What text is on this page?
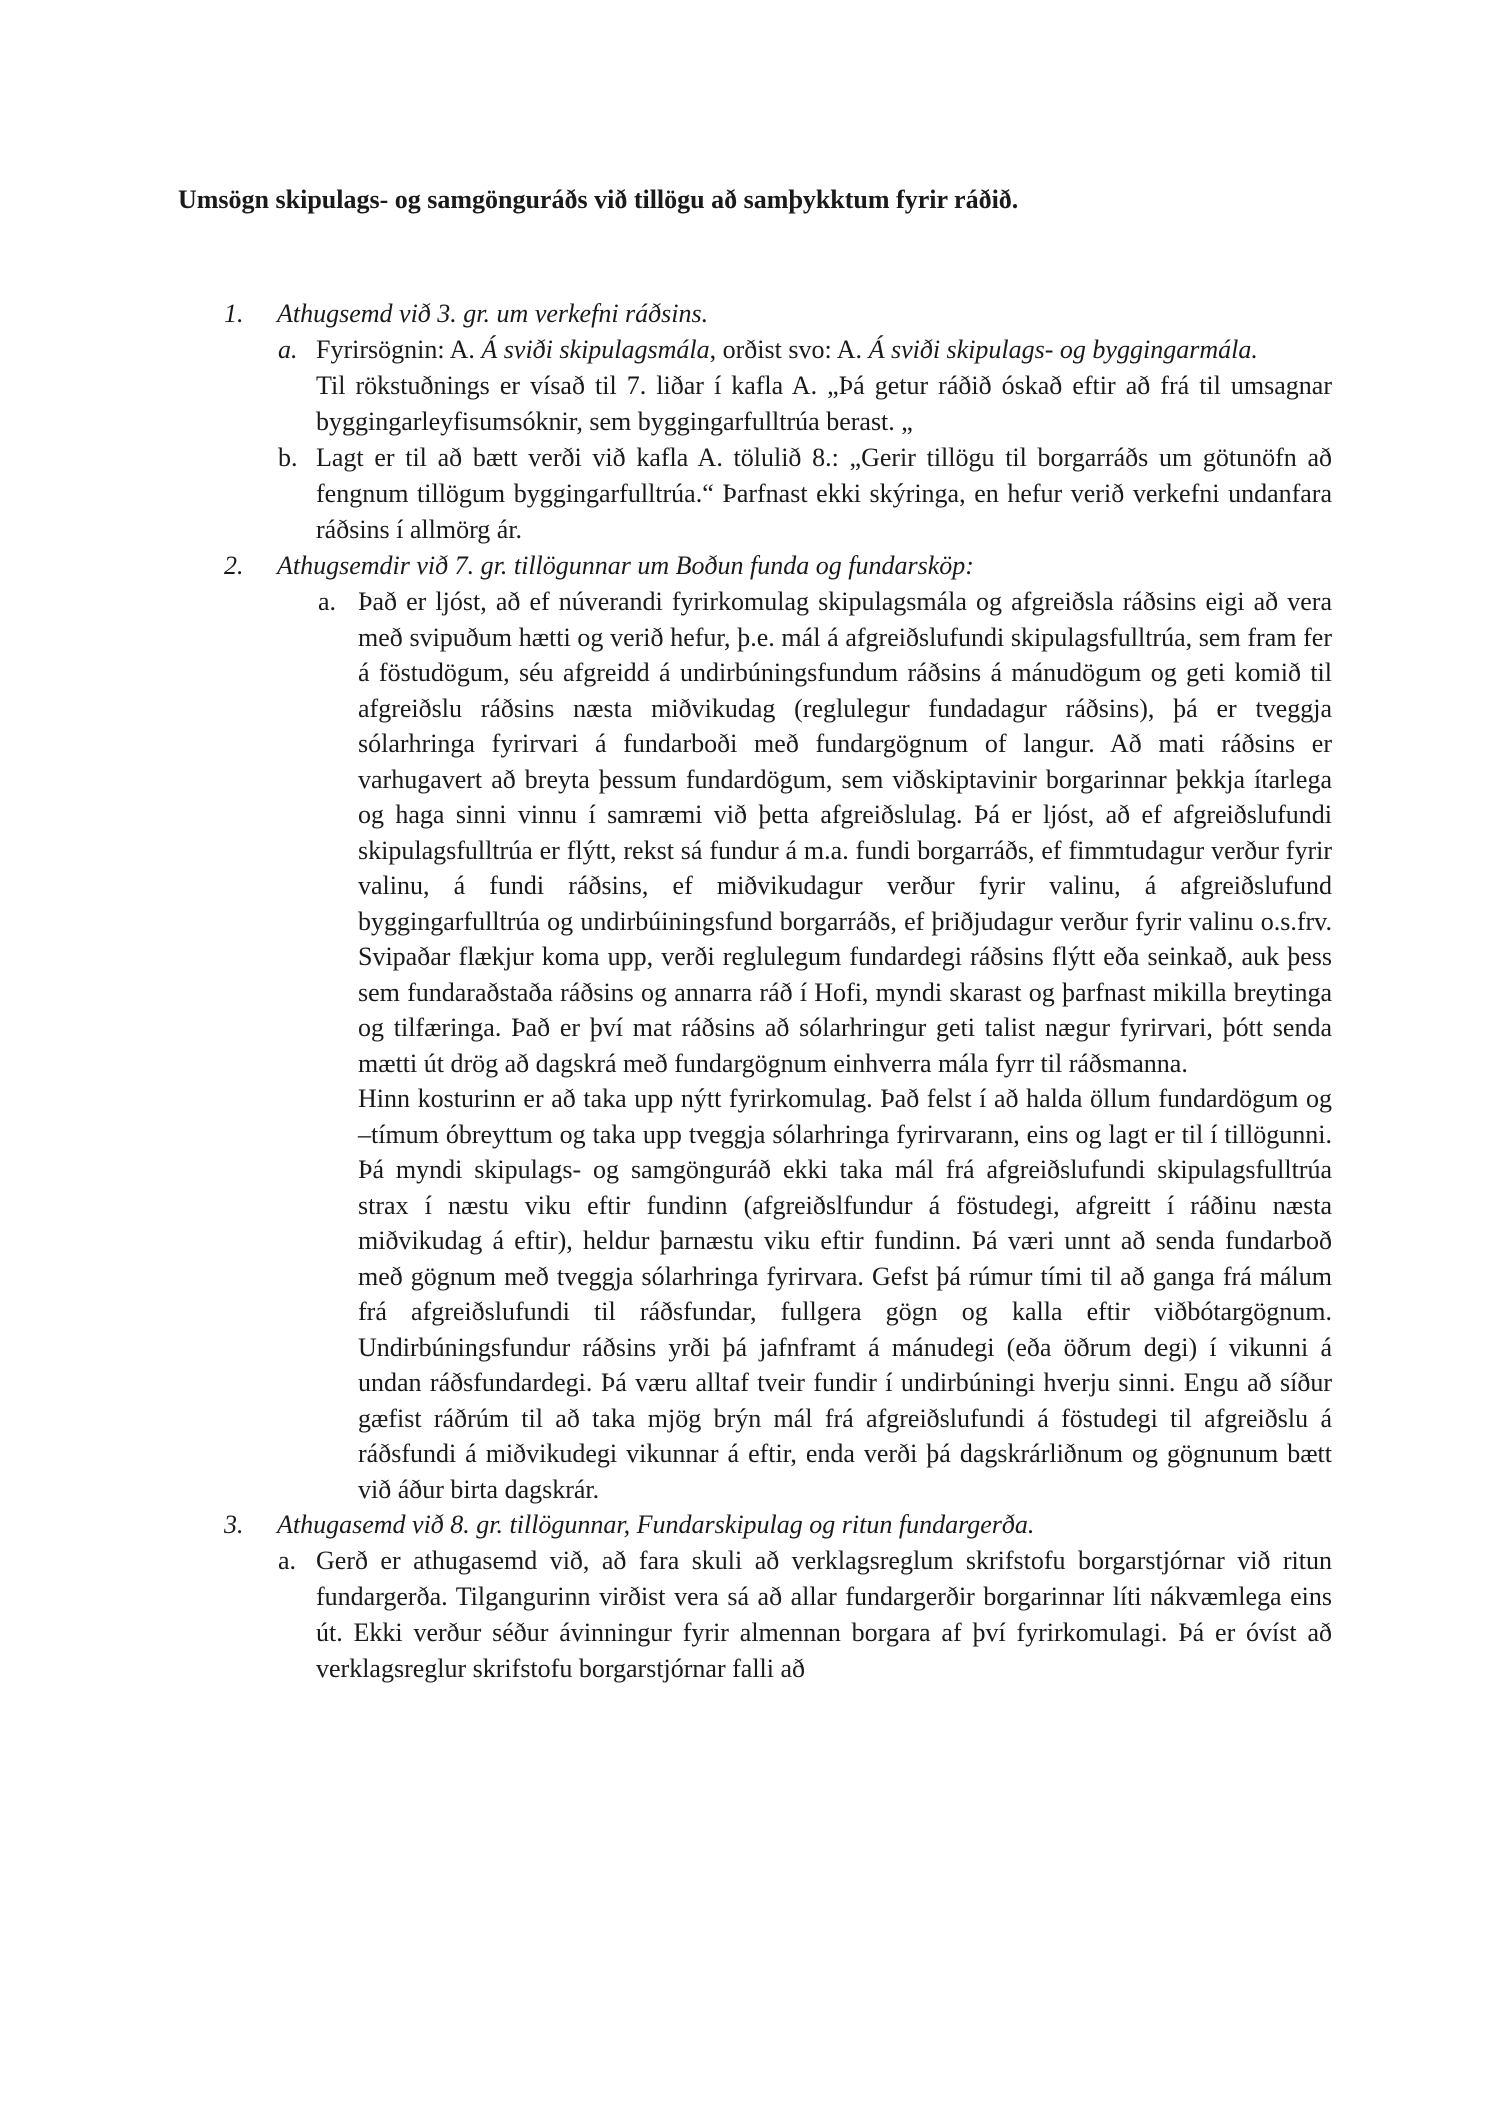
Umsögn skipulags- og samgönguráðs við tillögu að samþykktum fyrir ráðið.
1. Athugsemd við 3. gr. um verkefni ráðsins.

a. Fyrirsögnin: A. Á sviði skipulagsmála, orðist svo: A. Á sviði skipulags- og byggingarmála.

Til rökstuðnings er vísað til 7. liðar í kafla A. „Þá getur ráðið óskað eftir að frá til umsagnar byggingarleyfisumsóknir, sem byggingarfulltrúa berast. „

b. Lagt er til að bætt verði við kafla A. tölulið 8.: „Gerir tillögu til borgarráðs um götunöfn að fengnum tillögum byggingarfulltrúa.“ Þarfnast ekki skýringa, en hefur verið verkefni undanfara ráðsins í allmörg ár.

2. Athugsemdir við 7. gr. tillögunnar um Boðun funda og fundarsköp:

a. Það er ljóst, að ef núverandi fyrirkomulag skipulagsmála og afgreiðsla ráðsins eigi að vera með svipuðum hætti og verið hefur, þ.e. mál á afgreiðslufundi skipulagsfulltrúa, sem fram fer á föstudögum, séu afgreidd á undirbúningsfundum ráðsins á mánudögum og geti komið til afgreiðslu ráðsins næsta miðvikudag (reglulegur fundadagur ráðsins), þá er tveggja sólarhringa fyrirvari á fundarboði með fundargögnum of langur. Að mati ráðsins er varhugavert að breyta þessum fundardögum, sem viðskiptavinir borgarinnar þekkja ítarlega og haga sinni vinnu í samræmi við þetta afgreiðslulag. Þá er ljóst, að ef afgreiðslufundi skipulagsfulltrúa er flýtt, rekst sá fundur á m.a. fundi borgarráðs, ef fimmtudagur verður fyrir valinu, á fundi ráðsins, ef miðvikudagur verður fyrir valinu, á afgreiðslufund byggingarfulltrúa og undirbúiningsfund borgarráðs, ef þriðjudagur verður fyrir valinu o.s.frv. Svipaðar flækjur koma upp, verði reglulegum fundardegi ráðsins flýtt eða seinkað, auk þess sem fundaraðstaða ráðsins og annarra ráð í Hofi, myndi skarast og þarfnast mikilla breytinga og tilfæringa. Það er því mat ráðsins að sólarhringur geti talist nægur fyrirvari, þótt senda mætti út drög að dagskrá með fundargögnum einhverra mála fyrr til ráðsmanna.

Hinn kosturinn er að taka upp nýtt fyrirkomulag. Það felst í að halda öllum fundardögum og –tímum óbreyttum og taka upp tveggja sólarhringa fyrirvarann, eins og lagt er til í tillögunni. Þá myndi skipulags- og samgönguráð ekki taka mál frá afgreiðslufundi skipulagsfulltrúa strax í næstu viku eftir fundinn (afgreiðslfundur á föstudegi, afgreitt í ráðinu næsta miðvikudag á eftir), heldur þarnæstu viku eftir fundinn. Þá væri unnt að senda fundarboð með gögnum með tveggja sólarhringa fyrirvara. Gefst þá rúmur tími til að ganga frá málum frá afgreiðslufundi til ráðsfundar, fullgera gögn og kalla eftir viðbótargögnum. Undirbúningsfundur ráðsins yrði þá jafnframt á mánudegi (eða öðrum degi) í vikunni á undan ráðsfundardegi. Þá væru alltaf tveir fundir í undirbúningi hverju sinni. Engu að síður gæfist ráðrúm til að taka mjög brýn mál frá afgreiðslufundi á föstudegi til afgreiðslu á ráðsfundi á miðvikudegi vikunnar á eftir, enda verði þá dagskrárliðnum og gögnunum bætt við áður birta dagskrár.

3. Athugasemd við 8. gr. tillögunnar, Fundarskipulag og ritun fundargerða.

a. Gerð er athugasemd við, að fara skuli að verklagsreglum skrifstofu borgarstjórnar við ritun fundargerða. Tilgangurinn virðist vera sá að allar fundargerðir borgarinnar líti nákvæmlega eins út. Ekki verður séður ávinningur fyrir almennan borgara af því fyrirkomulagi. Þá er óvíst að verklagsreglur skrifstofu borgarstjórnar falli að
